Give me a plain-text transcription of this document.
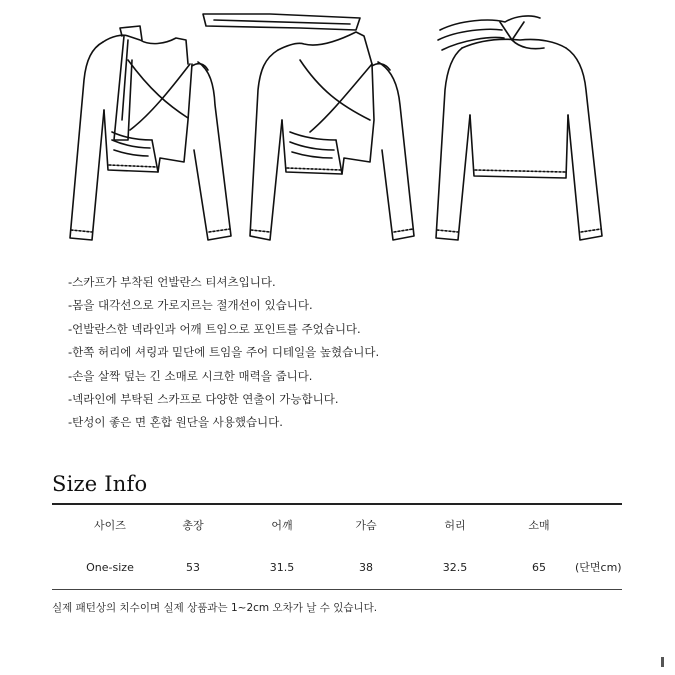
-스카프가 부착된 언발란스 티셔츠입니다.
-몸을 대각선으로 가로지르는 절개선이 있습니다.
-언발란스한 넥라인과 어깨 트임으로 포인트를 주었습니다.
-한쪽 허리에 셔링과 밑단에 트임을 주어 디테일을 높혔습니다.
-손을 살짝 덮는 긴 소매로 시크한 매력을 줍니다.
-넥라인에 부탁된 스카프로 다양한 연출이 가능합니다.
-탄성이 좋은 면 혼합 원단을 사용했습니다.
Size Info
사이즈	총장	어깨	가슴	허리	소매
One-size	53	31.5	38	32.5	65	(단면cm)
실제 패턴상의 치수이며 실제 상품과는 1~2cm 오차가 날 수 있습니다.
